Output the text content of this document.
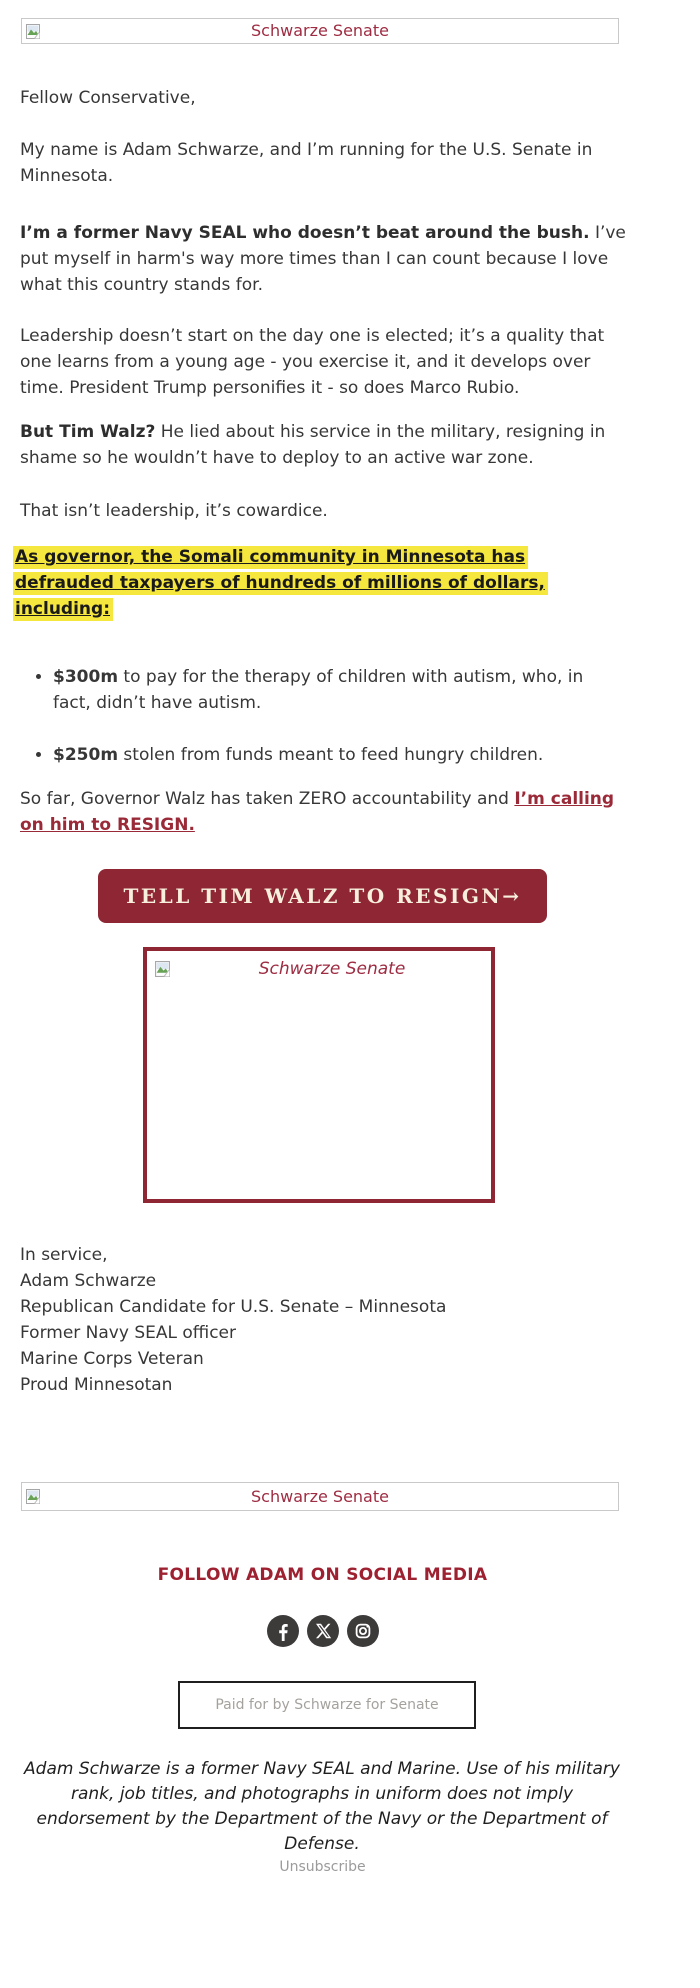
Schwarze Senate

Fellow Conservative,

My name is Adam Schwarze, and I’m running for the U.S. Senate in Minnesota.

I’m a former Navy SEAL who doesn’t beat around the bush. I’ve put myself in harm's way more times than I can count because I love what this country stands for.

Leadership doesn’t start on the day one is elected; it’s a quality that one learns from a young age - you exercise it, and it develops over time. President Trump personifies it - so does Marco Rubio.

But Tim Walz? He lied about his service in the military, resigning in shame so he wouldn’t have to deploy to an active war zone.

That isn’t leadership, it’s cowardice.

As governor, the Somali community in Minnesota has defrauded taxpayers of hundreds of millions of dollars, including:
• $300m to pay for the therapy of children with autism, who, in fact, didn’t have autism.
• $250m stolen from funds meant to feed hungry children.

So far, Governor Walz has taken ZERO accountability and I’m calling on him to RESIGN.

TELL TIM WALZ TO RESIGN→
Schwarze Senate
In service,
Adam Schwarze
Republican Candidate for U.S. Senate – Minnesota
Former Navy SEAL officer
Marine Corps Veteran
Proud Minnesotan
Schwarze Senate
FOLLOW ADAM ON SOCIAL MEDIA
Paid for by Schwarze for Senate
Adam Schwarze is a former Navy SEAL and Marine. Use of his military rank, job titles, and photographs in uniform does not imply endorsement by the Department of the Navy or the Department of Defense.
Unsubscribe
